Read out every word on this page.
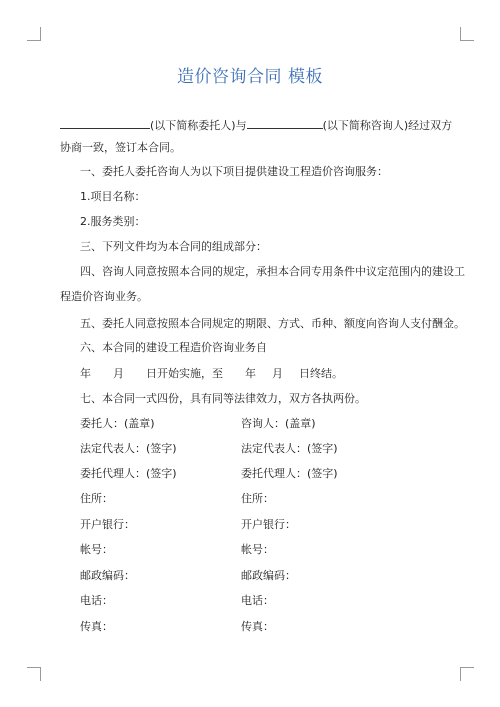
造价咨询合同 模板
(以下简称委托人)与	(以下简称咨询人)经过双方
协商一致，签订本合同。
一、委托人委托咨询人为以下项目提供建设工程造价咨询服务：
1.项目名称：
2.服务类别：
三、下列文件均为本合同的组成部分：
四、咨询人同意按照本合同的规定，承担本合同专用条件中议定范围内的建设工
程造价咨询业务。
五、委托人同意按照本合同规定的期限、方式、币种、额度向咨询人支付酬金。
六、本合同的建设工程造价咨询业务自
年 月 日开始实施，至 年 月 日终结。
七、本合同一式四份，具有同等法律效力，双方各执两份。
委托人：(盖章)	咨询人：(盖章)
法定代表人：(签字)	法定代表人：(签字)
委托代理人：(签字)	委托代理人：(签字)
住所：	住所：
开户银行：	开户银行：
帐号：	帐号：
邮政编码：	邮政编码：
电话：	电话：
传真：	传真：
